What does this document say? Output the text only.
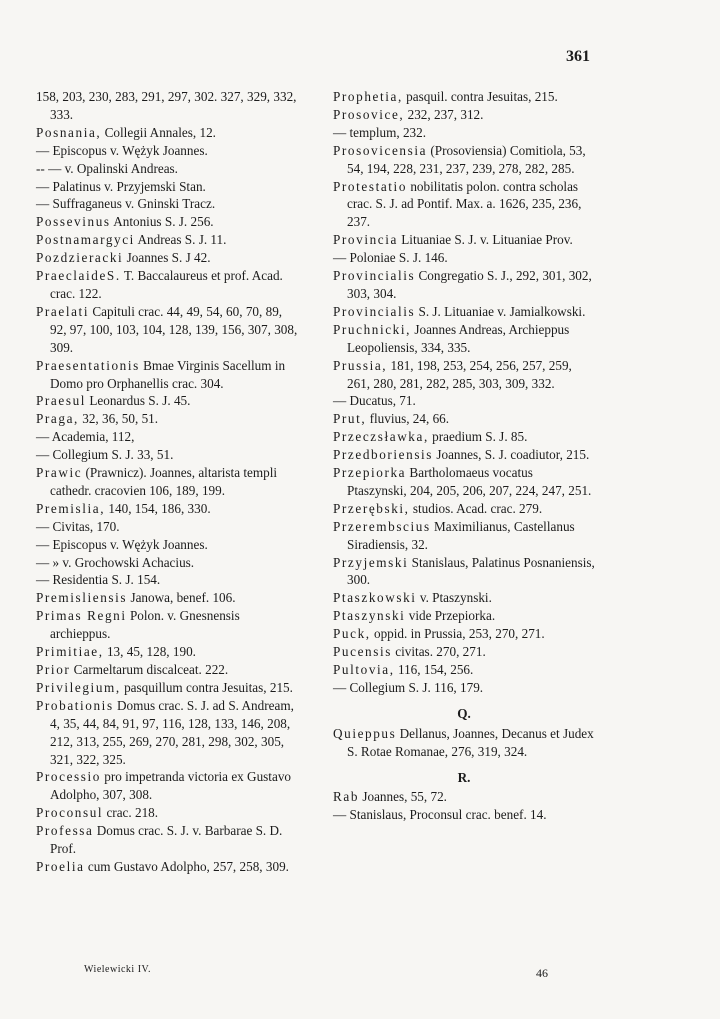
361

158, 203, 230, 283, 291, 297, 302. 327, 329, 332, 333.

Posnania, Collegii Annales, 12.

— Episcopus v. Wężyk Joannes.

-- — v. Opalinski Andreas.

— Palatinus v. Przyjemski Stan.

— Suffraganeus v. Gninski Tracz.

Possevinus Antonius S. J. 256.

Postnamargyci Andreas S. J. 11.

Pozdzieracki Joannes S. J 42.

PraeclaideS. T. Baccalaureus et prof. Acad. crac. 122.

Praelati Capituli crac. 44, 49, 54, 60, 70, 89, 92, 97, 100, 103, 104, 128, 139, 156, 307, 308, 309.

Praesentationis Bmae Virginis Sacellum in Domo pro Orphanellis crac. 304.

Praesul Leonardus S. J. 45.

Praga, 32, 36, 50, 51.

— Academia, 112,

— Collegium S. J. 33, 51.

Prawic (Prawnicz). Joannes, altarista templi cathedr. cracovien 106, 189, 199.

Premislia, 140, 154, 186, 330.

— Civitas, 170.

— Episcopus v. Wężyk Joannes.

— » v. Grochowski Achacius.

— Residentia S. J. 154.

Premisliensis Janowa, benef. 106.

Primas Regni Polon. v. Gnesnensis archieppus.

Primitiae, 13, 45, 128, 190.

Prior Carmeltarum discalceat. 222.

Privilegium, pasquillum contra Jesuitas, 215.

Probationis Domus crac. S. J. ad S. Andream, 4, 35, 44, 84, 91, 97, 116, 128, 133, 146, 208, 212, 313, 255, 269, 270, 281, 298, 302, 305, 321, 322, 325.

Processio pro impetranda victoria ex Gustavo Adolpho, 307, 308.

Proconsul crac. 218.

Professa Domus crac. S. J. v. Barbarae S. D. Prof.

Proelia cum Gustavo Adolpho, 257, 258, 309.

Prophetia, pasquil. contra Jesuitas, 215.

Prosovice, 232, 237, 312.

— templum, 232.

Prosovicensia (Prosoviensia) Comitiola, 53, 54, 194, 228, 231, 237, 239, 278, 282, 285.

Protestatio nobilitatis polon. contra scholas crac. S. J. ad Pontif. Max. a. 1626, 235, 236, 237.

Provincia Lituaniae S. J. v. Lituaniae Prov.

— Poloniae S. J. 146.

Provincialis Congregatio S. J., 292, 301, 302, 303, 304.

Provincialis S. J. Lituaniae v. Jamialkowski.

Pruchnicki, Joannes Andreas, Archieppus Leopoliensis, 334, 335.

Prussia, 181, 198, 253, 254, 256, 257, 259, 261, 280, 281, 282, 285, 303, 309, 332.

— Ducatus, 71.

Prut, fluvius, 24, 66.

Przeczsławka, praedium S. J. 85.

Przedboriensis Joannes, S. J. coadiutor, 215.

Przepiorka Bartholomaeus vocatus Ptaszynski, 204, 205, 206, 207, 224, 247, 251.

Przerębski, studios. Acad. crac. 279.

Przerembscius Maximilianus, Castellanus Siradiensis, 32.

Przyjemski Stanislaus, Palatinus Posnaniensis, 300.

Ptaszkowski v. Ptaszynski.

Ptaszynski vide Przepiorka.

Puck, oppid. in Prussia, 253, 270, 271.

Pucensis civitas. 270, 271.

Pultovia, 116, 154, 256.

— Collegium S. J. 116, 179.

Q.

Quieppus Dellanus, Joannes, Decanus et Judex S. Rotae Romanae, 276, 319, 324.

R.

Rab Joannes, 55, 72.

— Stanislaus, Proconsul crac. benef. 14.

Wielewicki IV.	46
